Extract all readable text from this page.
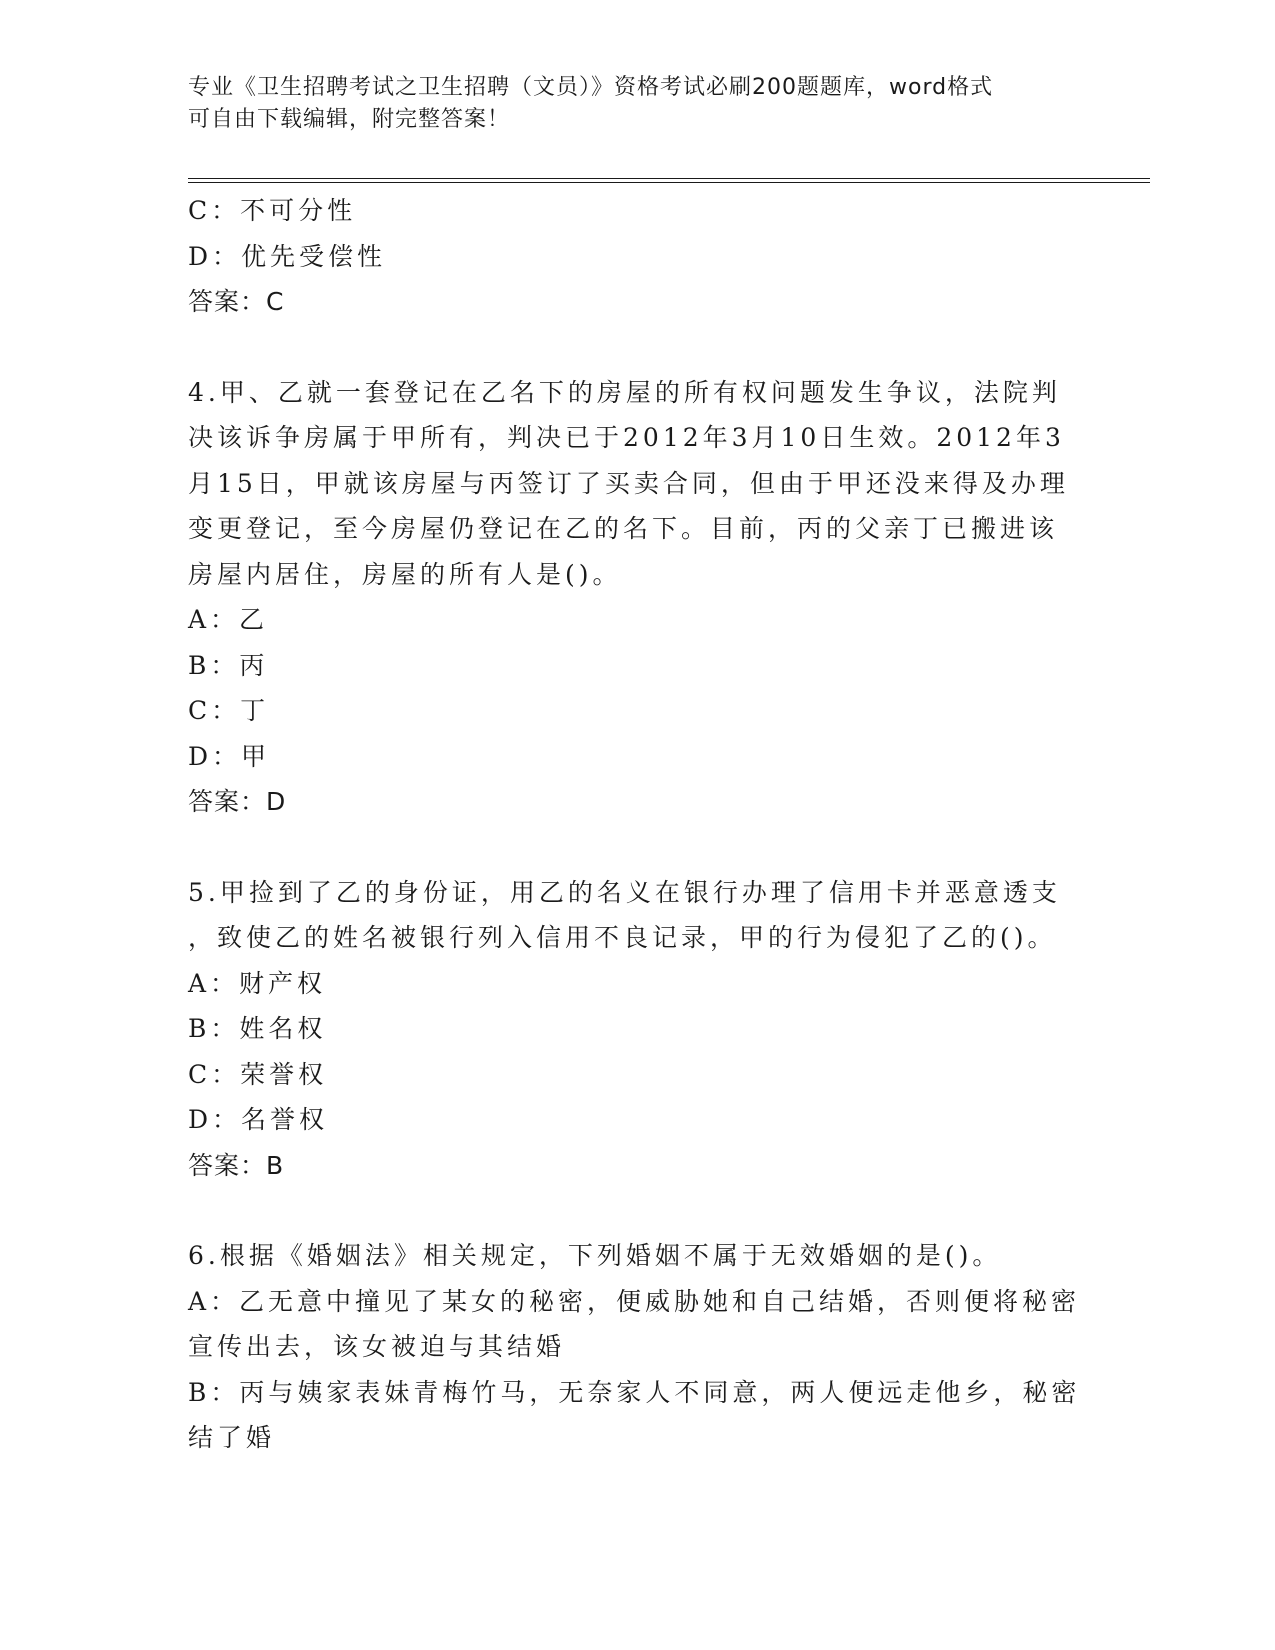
专业《卫生招聘考试之卫生招聘（文员）》资格考试必刷200题题库，word格式
可自由下载编辑，附完整答案！
C：不可分性
D：优先受偿性
答案：C
4.甲、乙就一套登记在乙名下的房屋的所有权问题发生争议，法院判
决该诉争房属于甲所有，判决已于2012年3月10日生效。2012年3
月15日，甲就该房屋与丙签订了买卖合同，但由于甲还没来得及办理
变更登记，至今房屋仍登记在乙的名下。目前，丙的父亲丁已搬进该
房屋内居住，房屋的所有人是()。
A：乙
B：丙
C：丁
D：甲
答案：D
5.甲捡到了乙的身份证，用乙的名义在银行办理了信用卡并恶意透支
，致使乙的姓名被银行列入信用不良记录，甲的行为侵犯了乙的()。
A：财产权
B：姓名权
C：荣誉权
D：名誉权
答案：B
6.根据《婚姻法》相关规定，下列婚姻不属于无效婚姻的是()。
A：乙无意中撞见了某女的秘密，便威胁她和自己结婚，否则便将秘密
宣传出去，该女被迫与其结婚
B：丙与姨家表妹青梅竹马，无奈家人不同意，两人便远走他乡，秘密
结了婚
